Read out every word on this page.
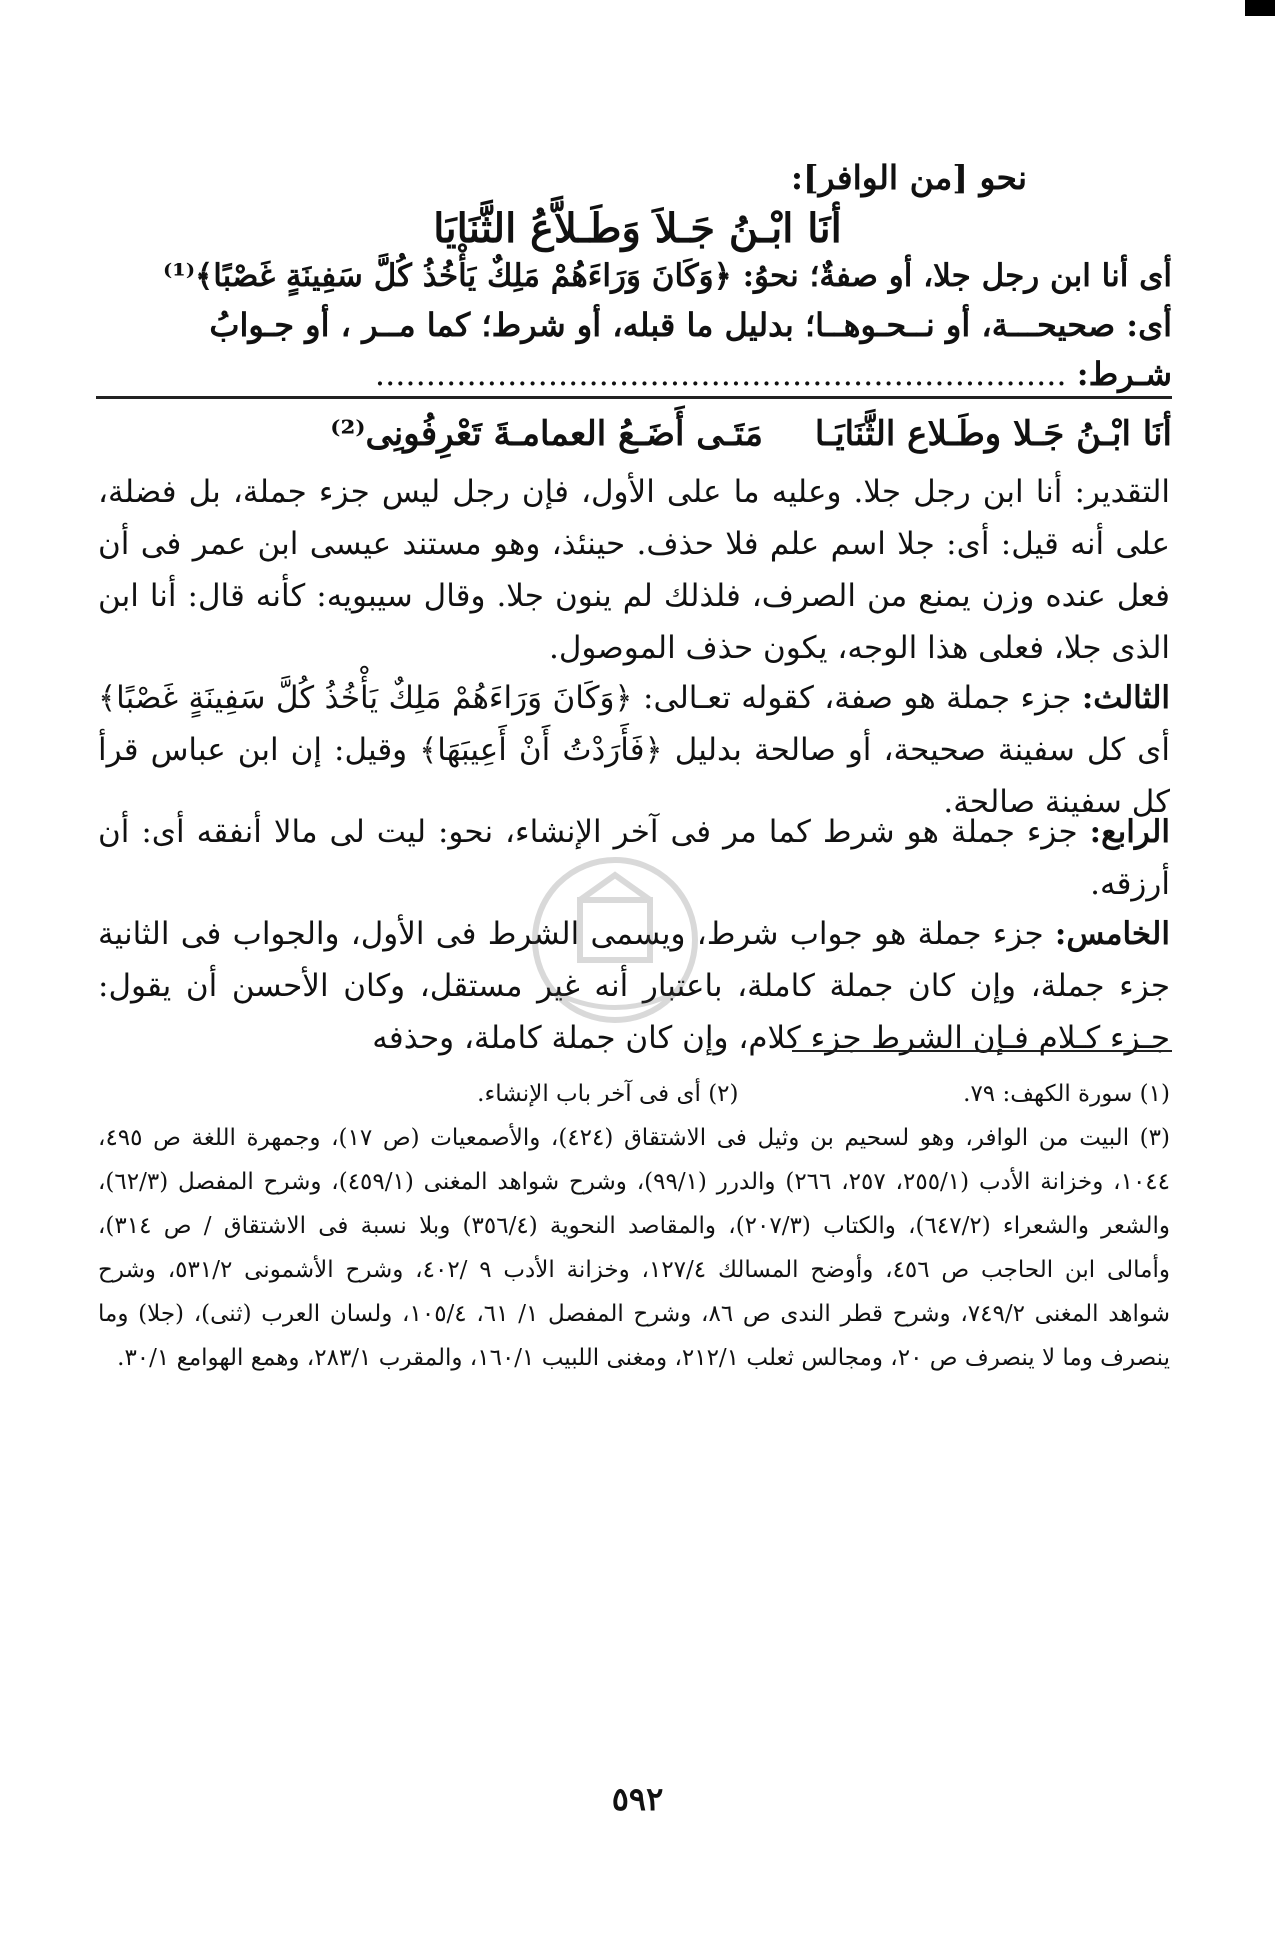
نحو [من الوافر]:
أنَا ابْـنُ جَـلاَ وَطَـلاَّعُ الثَّنَايَا
أى أنا ابن رجل جلا، أو صفةٌ؛ نحوُ: ﴿وَكَانَ وَرَاءَهُمْ مَلِكٌ يَأْخُذُ كُلَّ سَفِينَةٍ غَصْبًا﴾⁽¹⁾
أى: صحيحـــة، أو نــحـوهــا؛ بدليل ما قبله، أو شرط؛ كما مــر ، أو جـوابُ
شـرط: ....................................................................
أنَا ابْـنُ جَـلا وطَـلاع الثَّنَايَـا
مَتَـى أَضَـعُ العمامـةَ تَعْرِفُونِى⁽²⁾
التقدير: أنا ابن رجل جلا. وعليه ما على الأول، فإن رجل ليس جزء جملة، بل فضلة، على أنه قيل: أى: جلا اسم علم فلا حذف. حينئذ، وهو مستند عيسى ابن عمر فى أن فعل عنده وزن يمنع من الصرف، فلذلك لم ينون جلا. وقال سيبويه: كأنه قال: أنا ابن الذى جلا، فعلى هذا الوجه، يكون حذف الموصول.
الثالث: جزء جملة هو صفة، كقوله تعـالى: ﴿وَكَانَ وَرَاءَهُمْ مَلِكٌ يَأْخُذُ كُلَّ سَفِينَةٍ غَصْبًا﴾ أى كل سفينة صحيحة، أو صالحة بدليل ﴿فَأَرَدْتُ أَنْ أَعِيبَهَا﴾ وقيل: إن ابن عباس قرأ كل سفينة صالحة.
الرابع: جزء جملة هو شرط كما مر فى آخر الإنشاء، نحو: ليت لى مالا أنفقه أى: أن أرزقه.
الخامس: جزء جملة هو جواب شرط، ويسمى الشرط فى الأول، والجواب فى الثانية جزء جملة، وإن كان جملة كاملة، باعتبار أنه غير مستقل، وكان الأحسن أن يقول: جـزء كـلام فـإن الشرط جزء كلام، وإن كان جملة كاملة، وحذفه
(١) سورة الكهف: ٧٩.  (٢) أى فى آخر باب الإنشاء.
(٣) البيت من الوافر، وهو لسحيم بن وثيل فى الاشتقاق (٤٢٤)، والأصمعيات (ص ١٧)، وجمهرة اللغة ص ٤٩٥، ١٠٤٤، وخزانة الأدب (٢٥٥/١، ٢٥٧، ٢٦٦) والدرر (٩٩/١)، وشرح شواهد المغنى (٤٥٩/١)، وشرح المفصل (٦٢/٣)، والشعر والشعراء (٦٤٧/٢)، والكتاب (٢٠٧/٣)، والمقاصد النحوية (٣٥٦/٤) وبلا نسبة فى الاشتقاق / ص ٣١٤)، وأمالى ابن الحاجب ص ٤٥٦، وأوضح المسالك ١٢٧/٤، وخزانة الأدب ٩ /٤٠٢، وشرح الأشمونى ٥٣١/٢، وشرح شواهد المغنى ٧٤٩/٢، وشرح قطر الندى ص ٨٦، وشرح المفصل ١/ ٦١، ١٠٥/٤، ولسان العرب (ثنى)، (جلا) وما ينصرف وما لا ينصرف ص ٢٠، ومجالس ثعلب ٢١٢/١، ومغنى اللبيب ١٦٠/١، والمقرب ٢٨٣/١، وهمع الهوامع ٣٠/١.
٥٩٢
